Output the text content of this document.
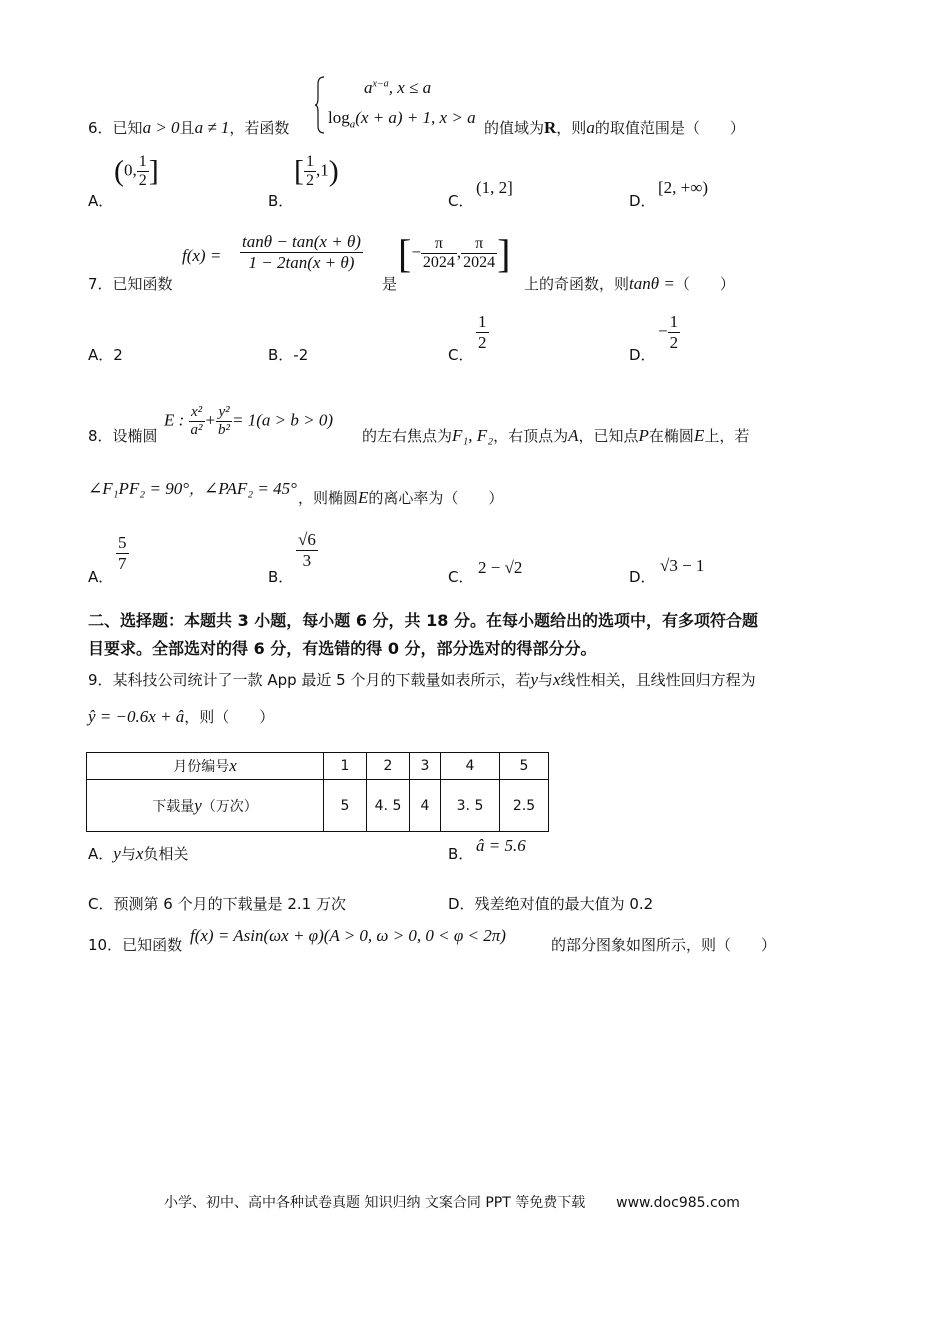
$a^{x-a}$, x ≤ a
$\log_a(x + a) + 1$, x > a
6．已知a > 0且a ≠ 1，若函数	的值域为R，则a的取值范围是（　　）
A．
(0, $\frac{1}{2}$ ]
B．
[ $\frac{1}{2} ,1$)
C．
(1, 2]
D．
[2, +∞)
7．已知函数
$f(x) = \frac{\tan\theta - \tan(x + \theta)}{1 - 2\tan(x + \theta)}$
是
[− $\frac{\pi}{2024}$ , $\frac{\pi}{2024}$ ]
上的奇函数，则tanθ =（　　）
A．2	B．-2	C．
$\frac{1}{2}$
D．
− $\frac{1}{2}$
8．设椭圆
E : $\frac{\text{x²}}{\text{a²}} + \frac{\text{y²}}{\text{b²}} = 1(a > b > 0)$
的左右焦点为F₁, F₂，右顶点为A，已知点P在椭圆E上，若
∠F₁PF₂ = 90°，∠PAF₂ = 45° ，则椭圆E的离心率为（　　）
A．
$\frac{5}{7}$
B．
$\frac{√6}{3}$
C． 2 − √2	D．
√3 − 1
二、选择题：本题共 3 小题，每小题 6 分，共 18 分。在每小题给出的选项中，有多项符合题
目要求。全部选对的得 6 分，有选错的得 0 分，部分选对的得部分分。
9．某科技公司统计了一款 App 最近 5 个月的下载量如表所示，若y与x线性相关，且线性回归方程为
ŷ = −0.6x + â，则（　　）
月份编号x	1	2	3	4	5
下载量y（万次）	5	4. 5	4	3. 5	2.5
A．y与x负相关	B． â = 5.6
C．预测第 6 个月的下载量是 2.1 万次	D．残差绝对值的最大值为 0.2
10．已知函数 f(x) = Asin(ωx + φ)(A > 0, ω > 0, 0 < φ < 2π)	的部分图象如图所示，则（　　）
小学、初中、高中各种试卷真题 知识归纳 文案合同 PPT 等免费下载 www.doc985.com
